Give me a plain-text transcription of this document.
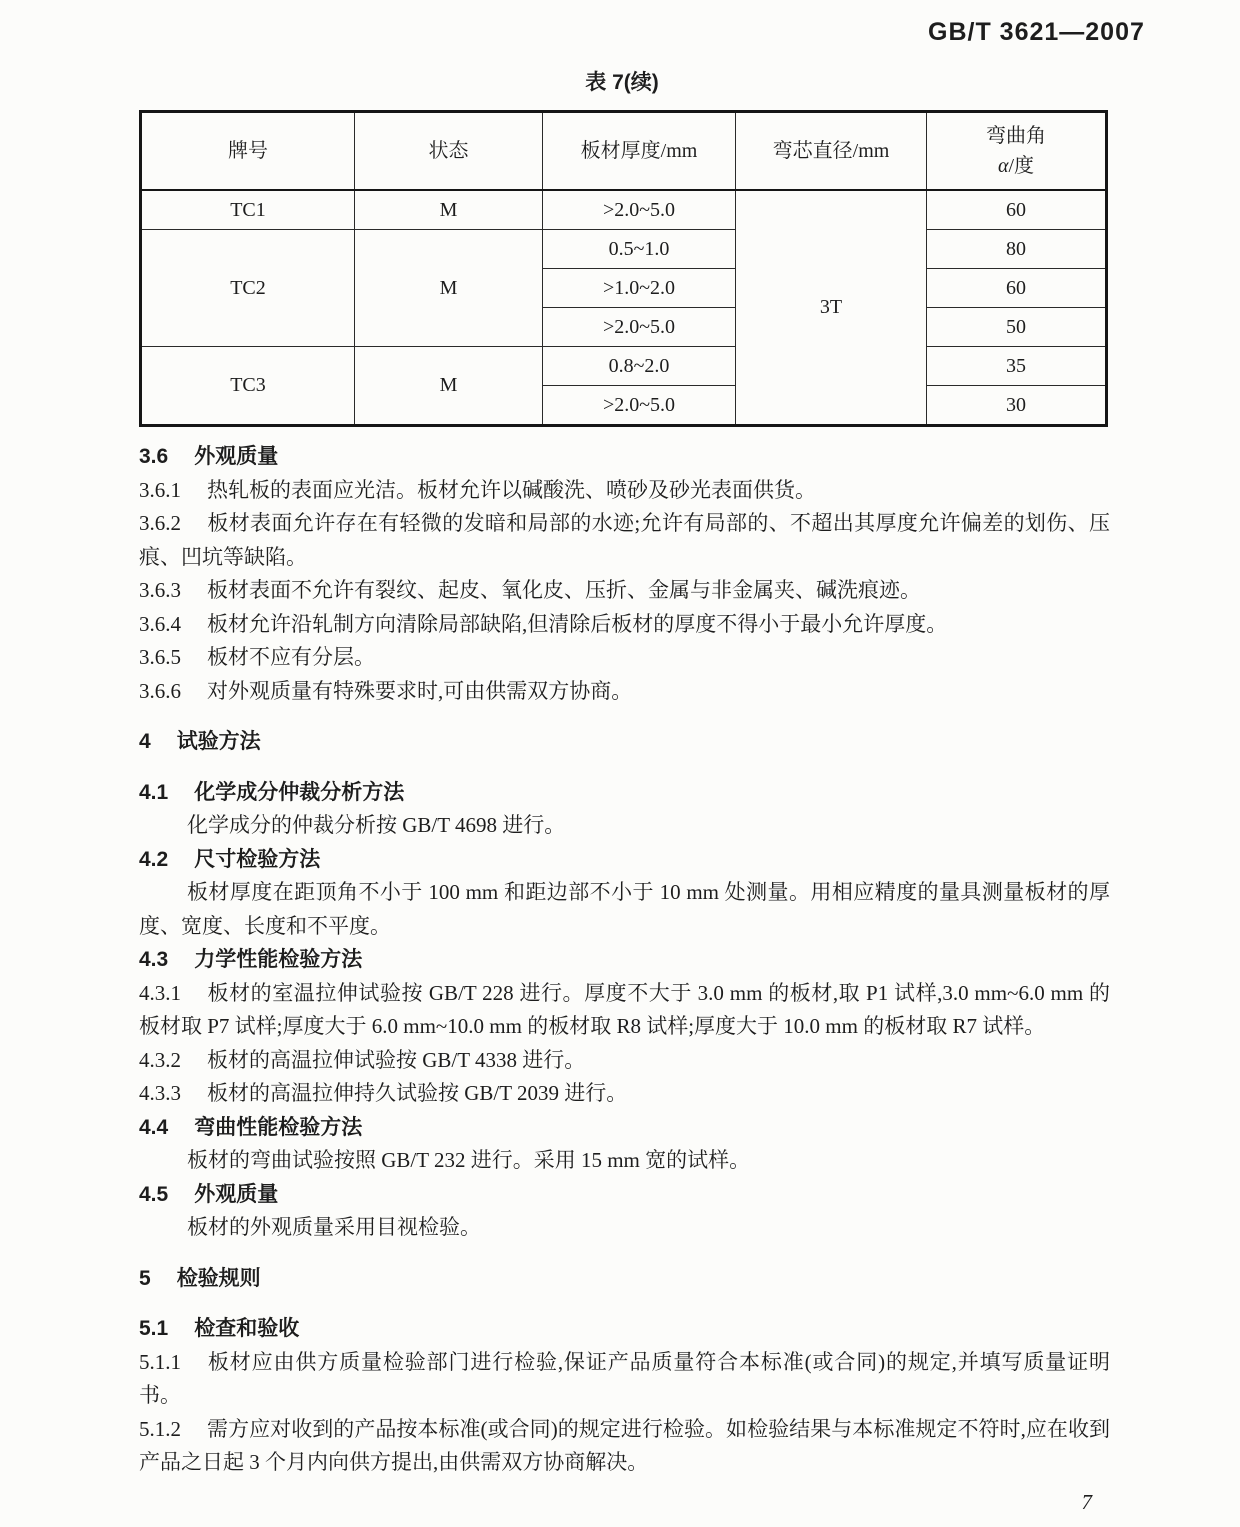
GB/T 3621—2007
表 7(续)
牌号	状态	板材厚度/mm	弯芯直径/mm	弯曲角
α/度

TC1	M	>2.0~5.0	3T	60
TC2	M	0.5~1.0		80
		>1.0~2.0		60
		>2.0~5.0		50
TC3	M	0.8~2.0		35
		>2.0~5.0		30

3.6 外观质量

3.6.1 热轧板的表面应光洁。板材允许以碱酸洗、喷砂及砂光表面供货。

3.6.2 板材表面允许存在有轻微的发暗和局部的水迹;允许有局部的、不超出其厚度允许偏差的划伤、压痕、凹坑等缺陷。

3.6.3 板材表面不允许有裂纹、起皮、氧化皮、压折、金属与非金属夹、碱洗痕迹。

3.6.4 板材允许沿轧制方向清除局部缺陷,但清除后板材的厚度不得小于最小允许厚度。

3.6.5 板材不应有分层。

3.6.6 对外观质量有特殊要求时,可由供需双方协商。

4 试验方法

4.1 化学成分仲裁分析方法

化学成分的仲裁分析按 GB/T 4698 进行。

4.2 尺寸检验方法

板材厚度在距顶角不小于 100 mm 和距边部不小于 10 mm 处测量。用相应精度的量具测量板材的厚度、宽度、长度和不平度。

4.3 力学性能检验方法

4.3.1 板材的室温拉伸试验按 GB/T 228 进行。厚度不大于 3.0 mm 的板材,取 P1 试样,3.0 mm~6.0 mm 的板材取 P7 试样;厚度大于 6.0 mm~10.0 mm 的板材取 R8 试样;厚度大于 10.0 mm 的板材取 R7 试样。

4.3.2 板材的高温拉伸试验按 GB/T 4338 进行。

4.3.3 板材的高温拉伸持久试验按 GB/T 2039 进行。

4.4 弯曲性能检验方法

板材的弯曲试验按照 GB/T 232 进行。采用 15 mm 宽的试样。

4.5 外观质量

板材的外观质量采用目视检验。

5 检验规则

5.1 检查和验收

5.1.1 板材应由供方质量检验部门进行检验,保证产品质量符合本标准(或合同)的规定,并填写质量证明书。

5.1.2 需方应对收到的产品按本标准(或合同)的规定进行检验。如检验结果与本标准规定不符时,应在收到产品之日起 3 个月内向供方提出,由供需双方协商解决。

7
